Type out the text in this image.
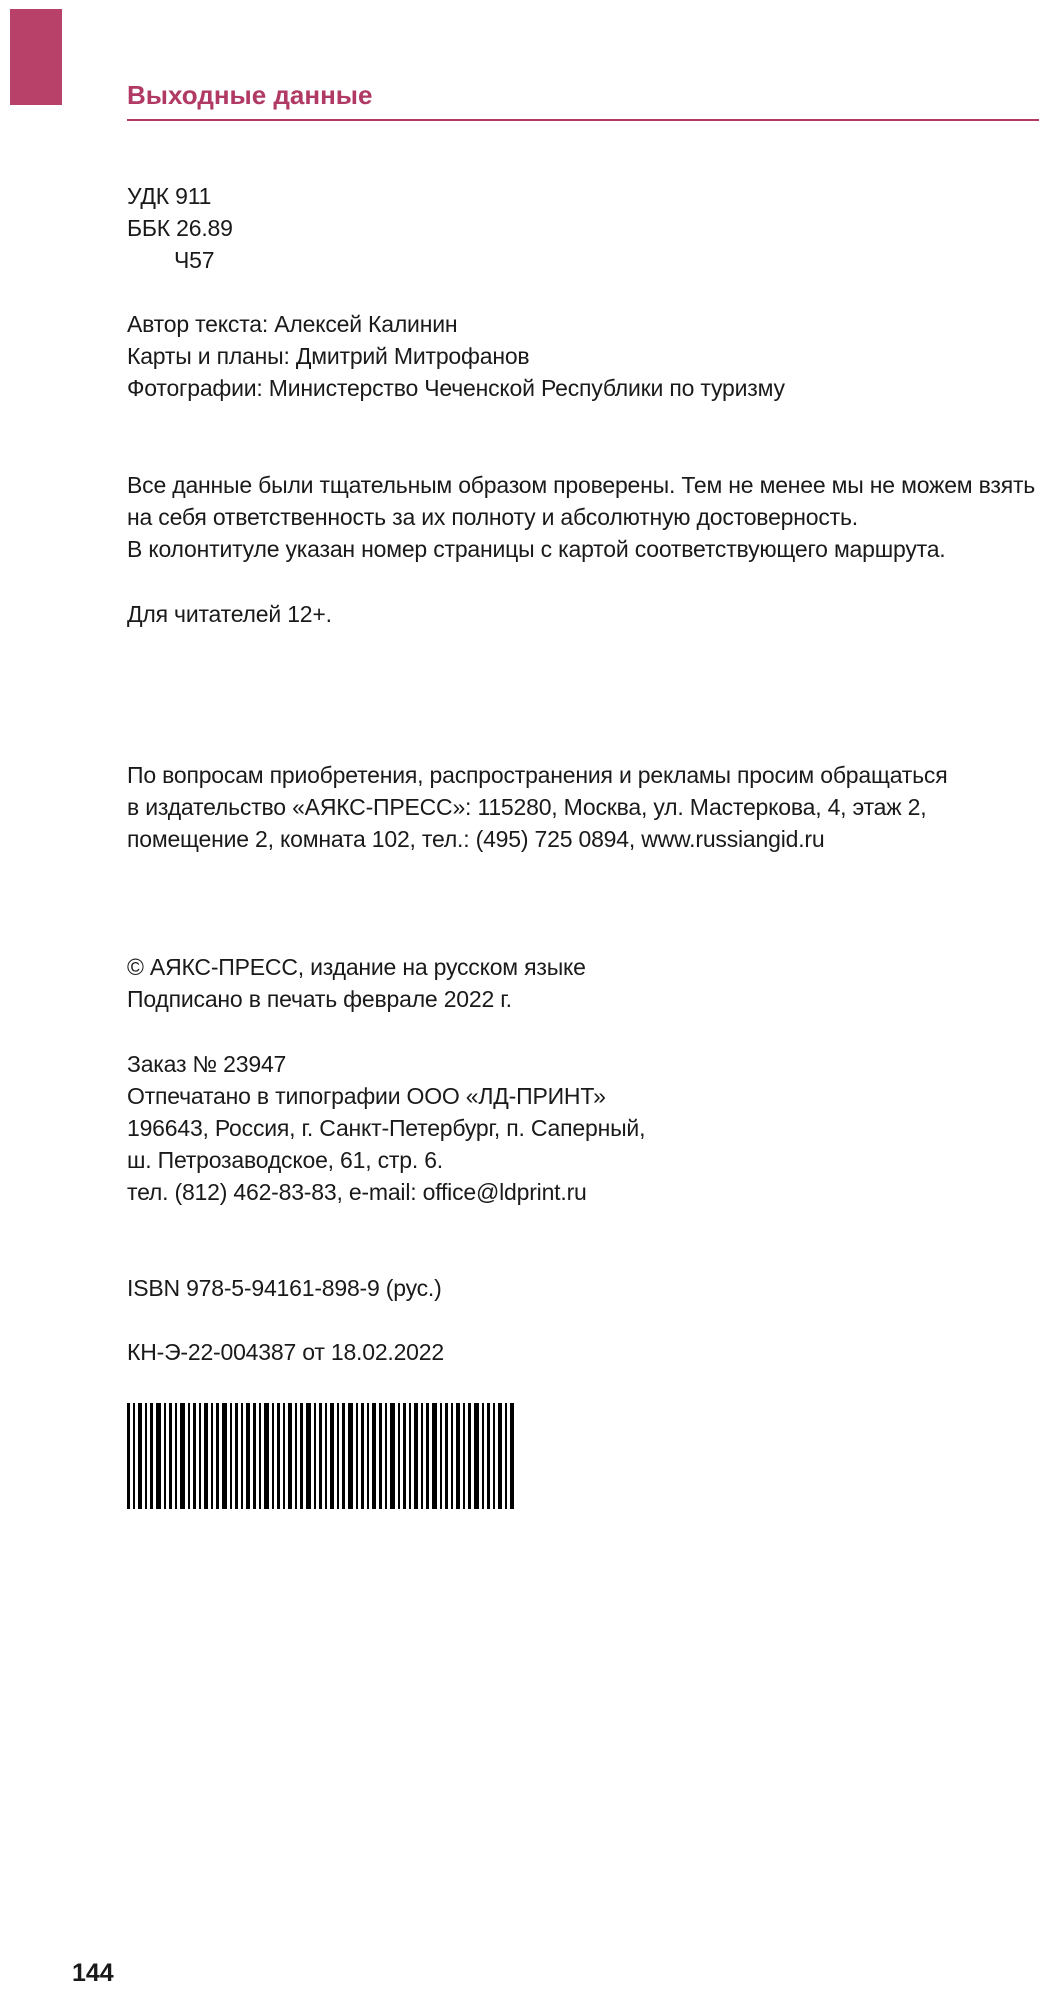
Выходные данные

УДК 911

ББК 26.89

Ч57

Автор текста: Алексей Калинин

Карты и планы: Дмитрий Митрофанов

Фотографии: Министерство Чеченской Республики по туризму

Все данные были тщательным образом проверены. Тем не менее мы не можем взять

на себя ответственность за их полноту и абсолютную достоверность.

В колонтитуле указан номер страницы с картой соответствующего маршрута.

Для читателей 12+.

По вопросам приобретения, распространения и рекламы просим обращаться

в издательство «АЯКС-ПРЕСС»: 115280, Москва, ул. Мастеркова, 4, этаж 2,

помещение 2, комната 102, тел.: (495) 725 0894, www.russiangid.ru

© АЯКС-ПРЕСС, издание на русском языке

Подписано в печать феврале 2022 г.

Заказ № 23947

Отпечатано в типографии ООО «ЛД-ПРИНТ»

196643, Россия, г. Санкт-Петербург, п. Саперный,

ш. Петрозаводское, 61, стр. 6.

тел. (812) 462-83-83, e-mail: office@ldprint.ru

ISBN 978-5-94161-898-9 (рус.)

КН-Э-22-004387 от 18.02.2022

144
